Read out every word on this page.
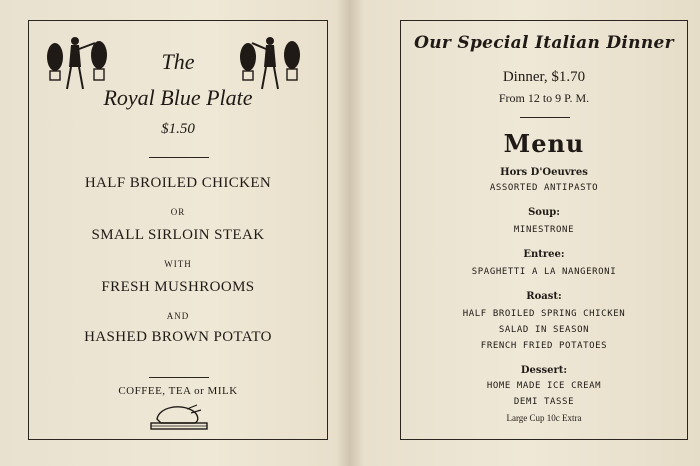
The
Royal Blue Plate
$1.50
HALF BROILED CHICKEN
OR
SMALL SIRLOIN STEAK
WITH
FRESH MUSHROOMS
AND
HASHED BROWN POTATO
COFFEE, TEA or MILK
Our Special Italian Dinner
Dinner, $1.70
From 12 to 9 P. M.
Menu
Hors D'Oeuvres
ASSORTED ANTIPASTO
Soup:
MINESTRONE
Entree:
SPAGHETTI A LA NANGERONI
Roast:
HALF BROILED SPRING CHICKEN
SALAD IN SEASON
FRENCH FRIED POTATOES
Dessert:
HOME MADE ICE CREAM
DEMI TASSE
Large Cup 10c Extra
